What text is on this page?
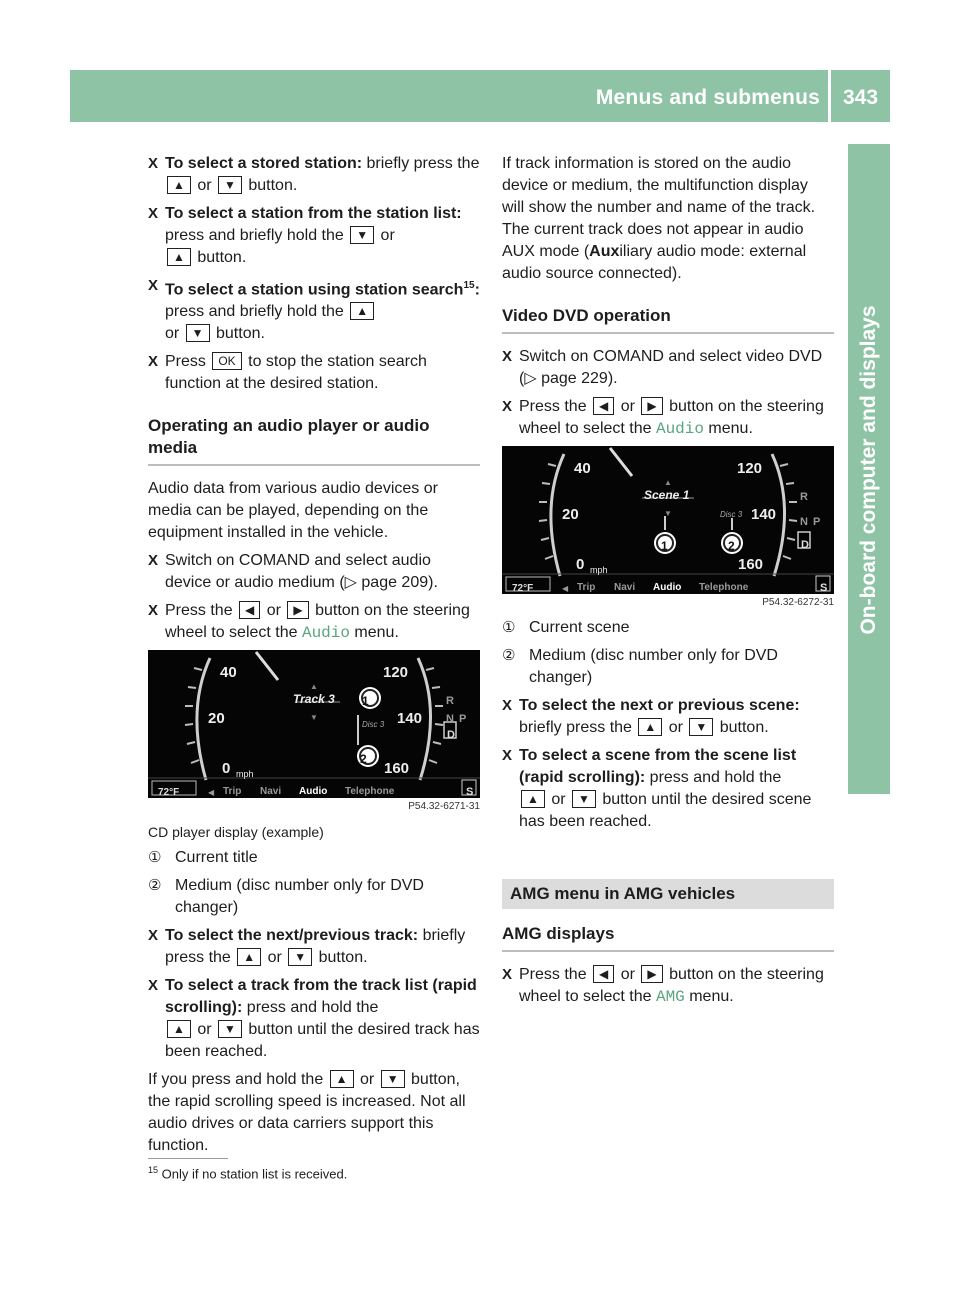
Menus and submenus 343
On-board computer and displays
X To select a stored station: briefly press the ▲ or ▼ button.
X To select a station from the station list: press and briefly hold the ▼ or
▲ button.
X To select a station using station search$^{15}$: press and briefly hold the ▲
or ▼ button.
X Press OK to stop the station search function at the desired station.
Operating an audio player or audio media

Audio data from various audio devices or media can be played, depending on the equipment installed in the vehicle.

X Switch on COMAND and select audio device or audio medium (▷ page 209).
X Press the ◀ or ▶ button on the steering wheel to select the Audio menu.
40
20
0 mph
120
140
160
▲
Track 3
▼
1
2
Disc 3
R
N P
D
72°F	◀ Trip Navi Audio Telephone	S
P54.32-6271-31
CD player display (example)
① Current title
② Medium (disc number only for DVD changer)
X To select the next/previous track: briefly press the ▲ or ▼ button.
X To select a track from the track list (rapid scrolling): press and hold the
▲ or ▼ button until the desired track has been reached.

If you press and hold the ▲ or ▼ button, the rapid scrolling speed is increased. Not all audio drives or data carriers support this function.

If track information is stored on the audio device or medium, the multifunction display will show the number and name of the track. The current track does not appear in audio AUX mode (Auxiliary audio mode: external audio source connected).

Video DVD operation
X Switch on COMAND and select video DVD (▷ page 229).
X Press the ◀ or ▶ button on the steering wheel to select the Audio menu.
40
20
0 mph
120
140
160
▲
Scene 1
▼
1	2
Disc 3
R
N P
D
72°F	◀ Trip Navi Audio Telephone	S
P54.32-6272-31
① Current scene
② Medium (disc number only for DVD changer)
X To select the next or previous scene: briefly press the ▲ or ▼ button.
X To select a scene from the scene list (rapid scrolling): press and hold the
▲ or ▼ button until the desired scene has been reached.
AMG menu in AMG vehicles
AMG displays
X Press the ◀ or ▶ button on the steering wheel to select the AMG menu.
$^{15}$ Only if no station list is received.
